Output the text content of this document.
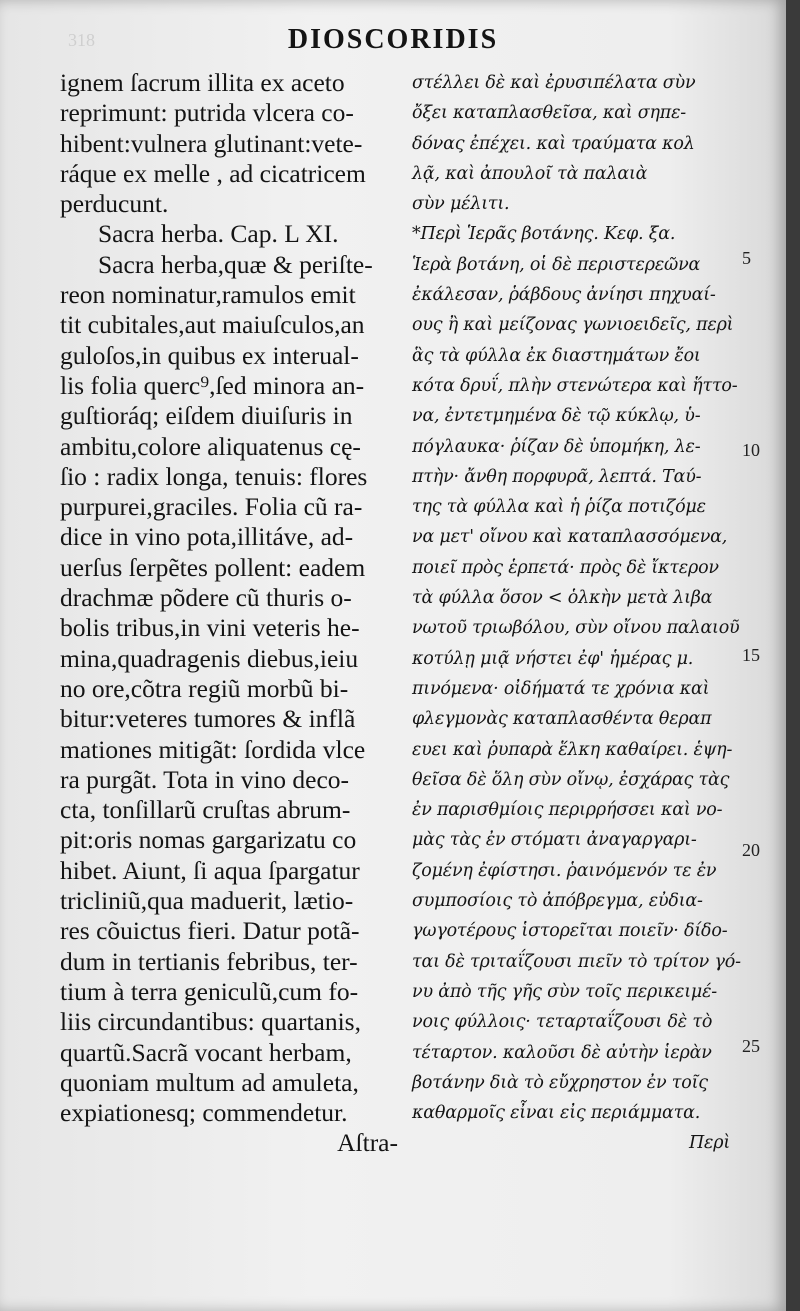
318	DIOSCORIDIS
ignem ſacrum illita ex aceto
reprimunt: putrida vlcera co-
hibent:vulnera glutinant:vete-
ráque ex melle , ad cicatricem
perducunt.
Sacra herba. Cap. L XI.
Sacra herba,quæ & periſte-
reon nominatur,ramulos emit
tit cubitales,aut maiuſculos,an
guloſos,in quibus ex interual-
lis folia querc⁹,ſed minora an-
guſtioráq; eiſdem diuiſuris in
ambitu,colore aliquatenus cę-
ſio : radix longa, tenuis: flores
purpurei,graciles. Folia cũ ra-
dice in vino pota,illitáve, ad-
uerſus ſerpẽtes pollent: eadem
drachmæ põdere cũ thuris o-
bolis tribus,in vini veteris he-
mina,quadragenis diebus,ieiu
no ore,cõtra regiũ morbũ bi-
bitur:veteres tumores & inflã
mationes mitigãt: ſordida vlce
ra purgãt. Tota in vino deco-
cta, tonſillarũ cruſtas abrum-
pit:oris nomas gargarizatu co
hibet. Aiunt, ſi aqua ſpargatur
tricliniũ,qua maduerit, lætio-
res cõuictus fieri. Datur potã-
dum in tertianis febribus, ter-
tium à terra geniculũ,cum fo-
liis circundantibus: quartanis,
quartũ.Sacrã vocant herbam,
quoniam multum ad amuleta,
expiationesq; commendetur.
Aſtra-
στέλλει δὲ καὶ ἐρυσιπέλατα σὺν
ὄξει καταπλασθεῖσα, καὶ σηπε-
δόνας ἐπέχει. καὶ τραύματα κολ
λᾷ, καὶ ἀπουλοῖ τὰ παλαιὰ
σὺν μέλιτι.
*Περὶ Ἱερᾶς βοτάνης. Κεφ. ξα.
Ἱερὰ βοτάνη, οἱ δὲ περιστερεῶνα
ἐκάλεσαν, ῥάβδους ἀνίησι πηχυαί-
ους ἢ καὶ μείζονας γωνιοειδεῖς, περὶ
ἃς τὰ φύλλα ἐκ διαστημάτων ἔοι
κότα δρυΐ, πλὴν στενώτερα καὶ ἥττο-
να, ἐντετμημένα δὲ τῷ κύκλῳ, ὑ-
πόγλαυκα· ῥίζαν δὲ ὑπομήκη, λε-
πτὴν· ἄνθη πορφυρᾶ, λεπτά. Ταύ-
της τὰ φύλλα καὶ ἡ ῥίζα ποτιζόμε
να μετ' οἴνου καὶ καταπλασσόμενα,
ποιεῖ πρὸς ἑρπετά· πρὸς δὲ ἴκτερον
τὰ φύλλα ὅσον < ὁλκὴν μετὰ λιβα
νωτοῦ τριωβόλου, σὺν οἴνου παλαιοῦ
κοτύλῃ μιᾷ νήστει ἐφ' ἡμέρας μ.
πινόμενα· οἰδήματά τε χρόνια καὶ
φλεγμονὰς καταπλασθέντα θεραπ
ευει καὶ ῥυπαρὰ ἕλκη καθαίρει. ἑψη-
θεῖσα δὲ ὅλη σὺν οἴνῳ, ἐσχάρας τὰς
ἐν παρισθμίοις περιρρήσσει καὶ νο-
μὰς τὰς ἐν στόματι ἀναγαργαρι-
ζομένη ἐφίστησι. ῥαινόμενόν τε ἐν
συμποσίοις τὸ ἀπόβρεγμα, εὐδια-
γωγοτέρους ἱστορεῖται ποιεῖν· δίδο-
ται δὲ τριταΐζουσι πιεῖν τὸ τρίτον γό-
νυ ἀπὸ τῆς γῆς σὺν τοῖς περικειμέ-
νοις φύλλοις· τεταρταΐζουσι δὲ τὸ
τέταρτον. καλοῦσι δὲ αὐτὴν ἱερὰν
βοτάνην διὰ τὸ εὔχρηστον ἐν τοῖς
καθαρμοῖς εἶναι εἰς περιάμματα.
Περὶ
5
10
15
20
25
